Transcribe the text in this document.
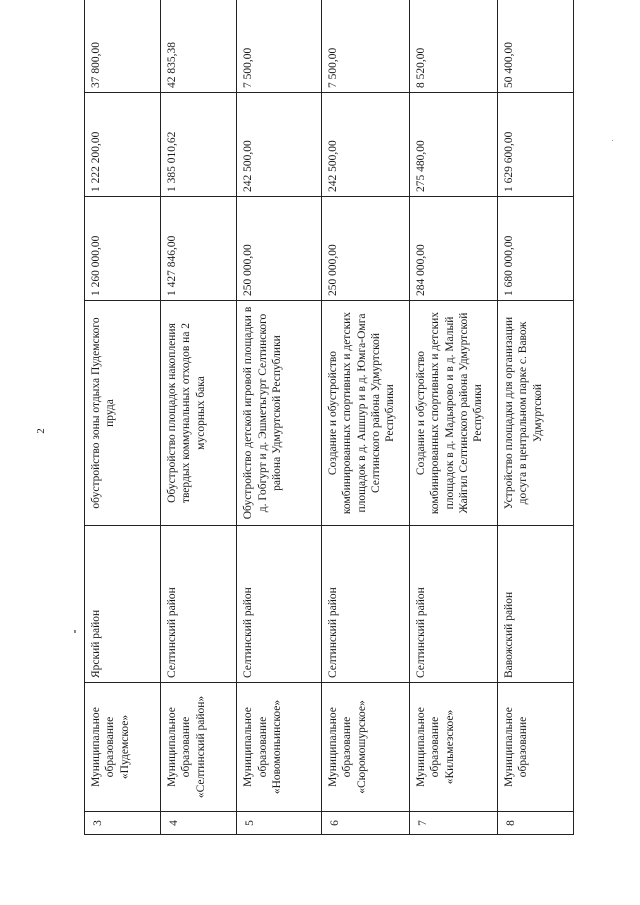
2
3	Муниципальное образование «Пудемское»	Ярский район	обустройство зоны отдыха Пудемского пруда	1 260 000,00	1 222 200,00	37 800,00
4	Муниципальное образование «Селтинский район»	Селтинский район	Обустройство площадок накопления твердых коммунальных отходов на 2 мусорных бака	1 427 846,00	1 385 010,62	42 835,38
5	Муниципальное образование «Новомоньинское»	Селтинский район	Обустройство детской игровой площадки в д. Гобгурт и д. Эшметьгурт Селтинского района Удмуртской Республики	250 000,00	242 500,00	7 500,00
6	Муниципальное образование «Сюромошурское»	Селтинский район	Создание и обустройство комбинированных спортивных и детских площадок в д. Ашшур и в д. Юмга-Омга Селтинского района Удмуртской Республики	250 000,00	242 500,00	7 500,00
7	Муниципальное образование «Кильмезское»	Селтинский район	Создание и обустройство комбинированных спортивных и детских площадок в д. Мадьярово и в д. Малый Жайгил Селтинского района Удмуртской Республики	284 000,00	275 480,00	8 520,00
8	Муниципальное образование	Вавожский район	Устройство площадки для организации досуга в центральном парке с. Вавож Удмуртской	1 680 000,00	1 629 600,00	50 400,00
